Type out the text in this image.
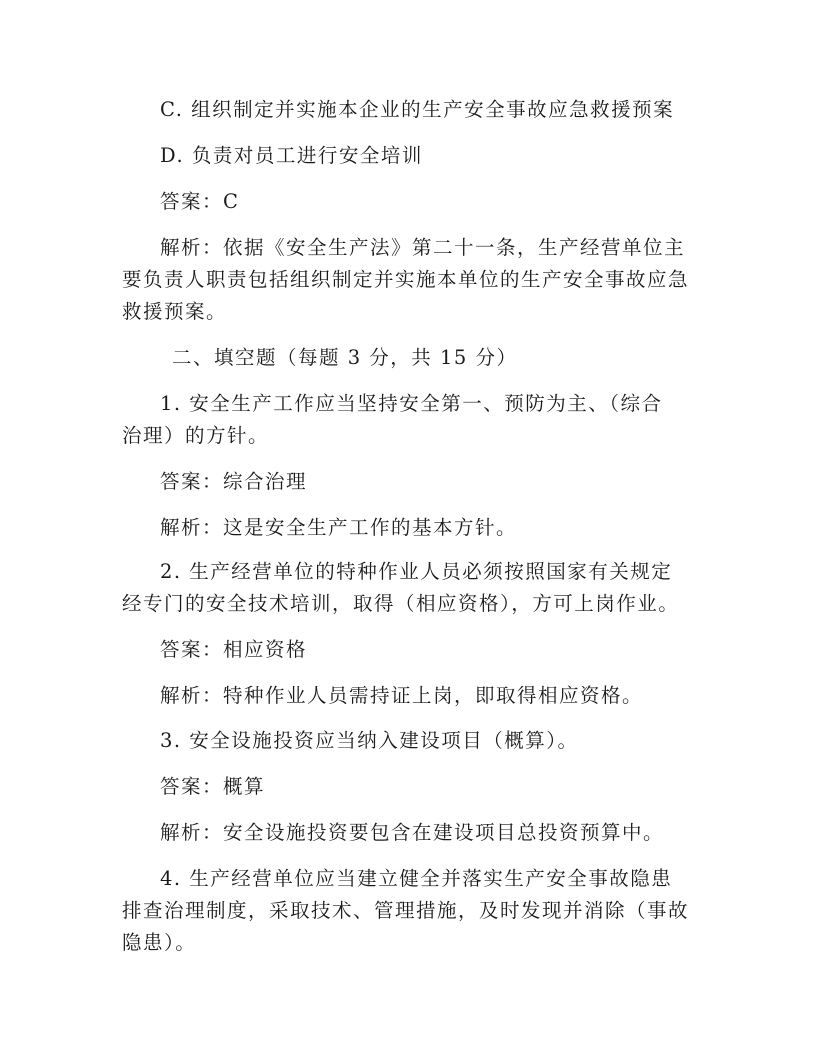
C. 组织制定并实施本企业的生产安全事故应急救援预案
D. 负责对员工进行安全培训
答案：C
解析：依据《安全生产法》第二十一条，生产经营单位主
要负责人职责包括组织制定并实施本单位的生产安全事故应急
救援预案。
二、填空题（每题 3 分，共 15 分）
1. 安全生产工作应当坚持安全第一、预防为主、（综合
治理）的方针。
答案：综合治理
解析：这是安全生产工作的基本方针。
2. 生产经营单位的特种作业人员必须按照国家有关规定
经专门的安全技术培训，取得（相应资格），方可上岗作业。
答案：相应资格
解析：特种作业人员需持证上岗，即取得相应资格。
3. 安全设施投资应当纳入建设项目（概算）。
答案：概算
解析：安全设施投资要包含在建设项目总投资预算中。
4. 生产经营单位应当建立健全并落实生产安全事故隐患
排查治理制度，采取技术、管理措施，及时发现并消除（事故
隐患）。
